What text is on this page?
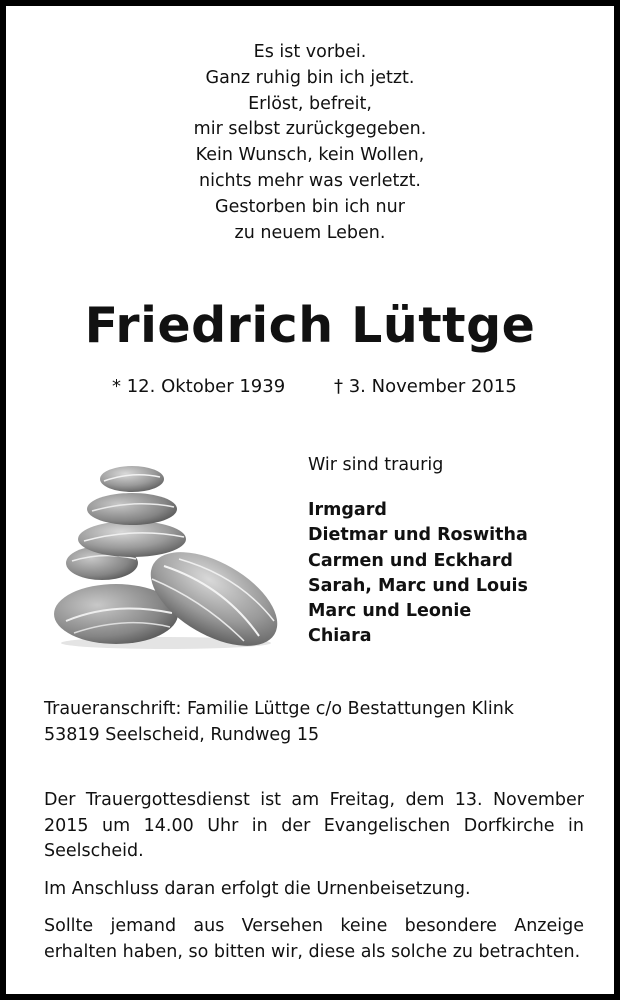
Es ist vorbei.
Ganz ruhig bin ich jetzt.
Erlöst, befreit,
mir selbst zurückgegeben.
Kein Wunsch, kein Wollen,
nichts mehr was verletzt.
Gestorben bin ich nur
zu neuem Leben.
Friedrich Lüttge
* 12. Oktober 1939	† 3. November 2015
Wir sind traurig
Irmgard
Dietmar und Roswitha
Carmen und Eckhard
Sarah, Marc und Louis
Marc und Leonie
Chiara
Traueranschrift: Familie Lüttge c/o Bestattungen Klink
53819 Seelscheid, Rundweg 15

Der Trauergottesdienst ist am Freitag, dem 13. November 2015 um 14.00 Uhr in der Evangelischen Dorfkirche in Seelscheid.

Im Anschluss daran erfolgt die Urnenbeisetzung.

Sollte jemand aus Versehen keine besondere Anzeige erhalten haben, so bitten wir, diese als solche zu betrachten.
